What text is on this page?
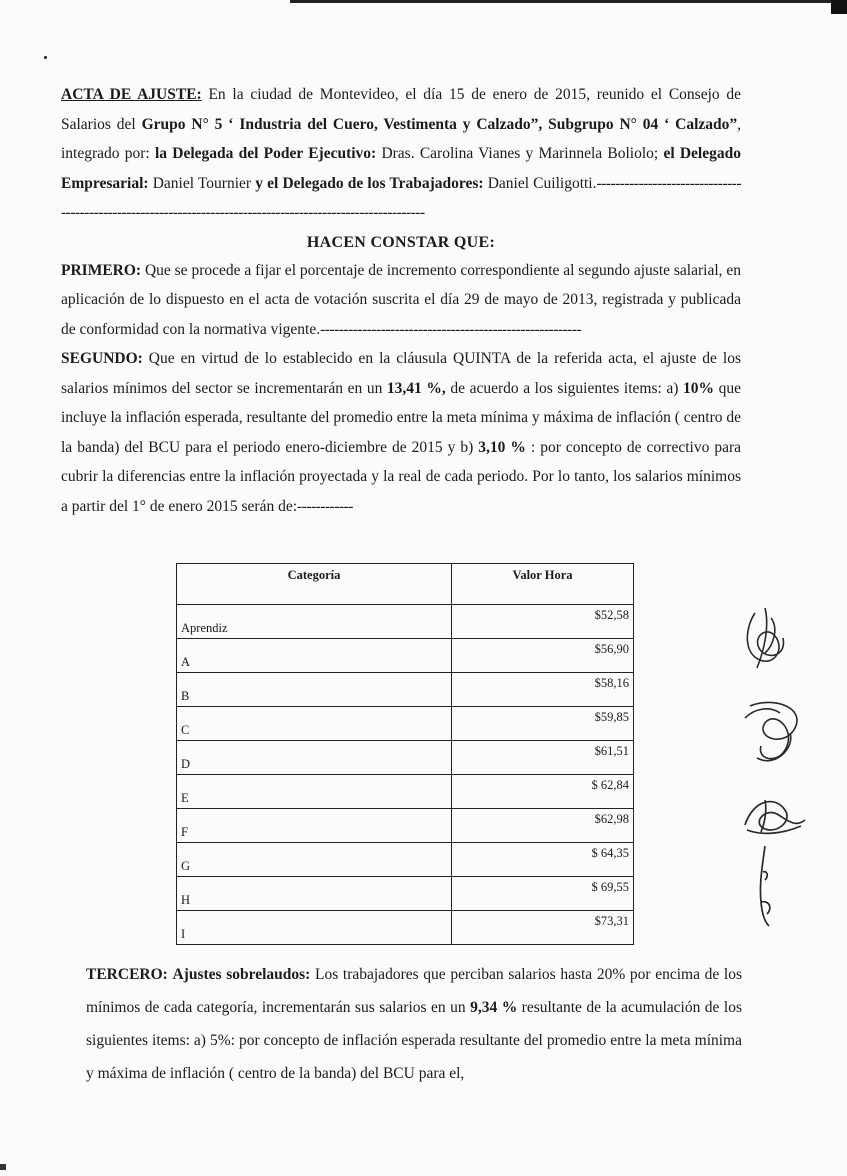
ACTA DE AJUSTE: En la ciudad de Montevideo, el día 15 de enero de 2015, reunido el Consejo de Salarios del Grupo N° 5 ‘ Industria del Cuero, Vestimenta y Calzado”, Subgrupo N° 04 ‘ Calzado”, integrado por: la Delegada del Poder Ejecutivo: Dras. Carolina Vianes y Marinnela Boliolo; el Delegado Empresarial: Daniel Tournier y el Delegado de los Trabajadores: Daniel Cuiligotti.-------------------------------------------------------------------------------------------------------------

HACEN CONSTAR QUE:

PRIMERO: Que se procede a fijar el porcentaje de incremento correspondiente al segundo ajuste salarial, en aplicación de lo dispuesto en el acta de votación suscrita el día 29 de mayo de 2013, registrada y publicada de conformidad con la normativa vigente.--------------------------------------------------------

SEGUNDO: Que en virtud de lo establecido en la cláusula QUINTA de la referida acta, el ajuste de los salarios mínimos del sector se incrementarán en un 13,41 %, de acuerdo a los siguientes items: a) 10% que incluye la inflación esperada, resultante del promedio entre la meta mínima y máxima de inflación ( centro de la banda) del BCU para el periodo enero-diciembre de 2015 y b) 3,10 % : por concepto de correctivo para cubrir la diferencias entre la inflación proyectada y la real de cada periodo. Por lo tanto, los salarios mínimos a partir del 1° de enero 2015 serán de:------------

Categoría	Valor Hora
Aprendiz	$52,58
A	$56,90
B	$58,16
C	$59,85
D	$61,51
E	$ 62,84
F	$62,98
G	$ 64,35
H	$ 69,55
I	$73,31
TERCERO: Ajustes sobrelaudos: Los trabajadores que perciban salarios hasta 20% por encima de los mínimos de cada categoría, incrementarán sus salarios en un 9,34 % resultante de la acumulación de los siguientes items: a) 5%: por concepto de inflación esperada resultante del promedio entre la meta mínima y máxima de inflación ( centro de la banda) del BCU para el,
